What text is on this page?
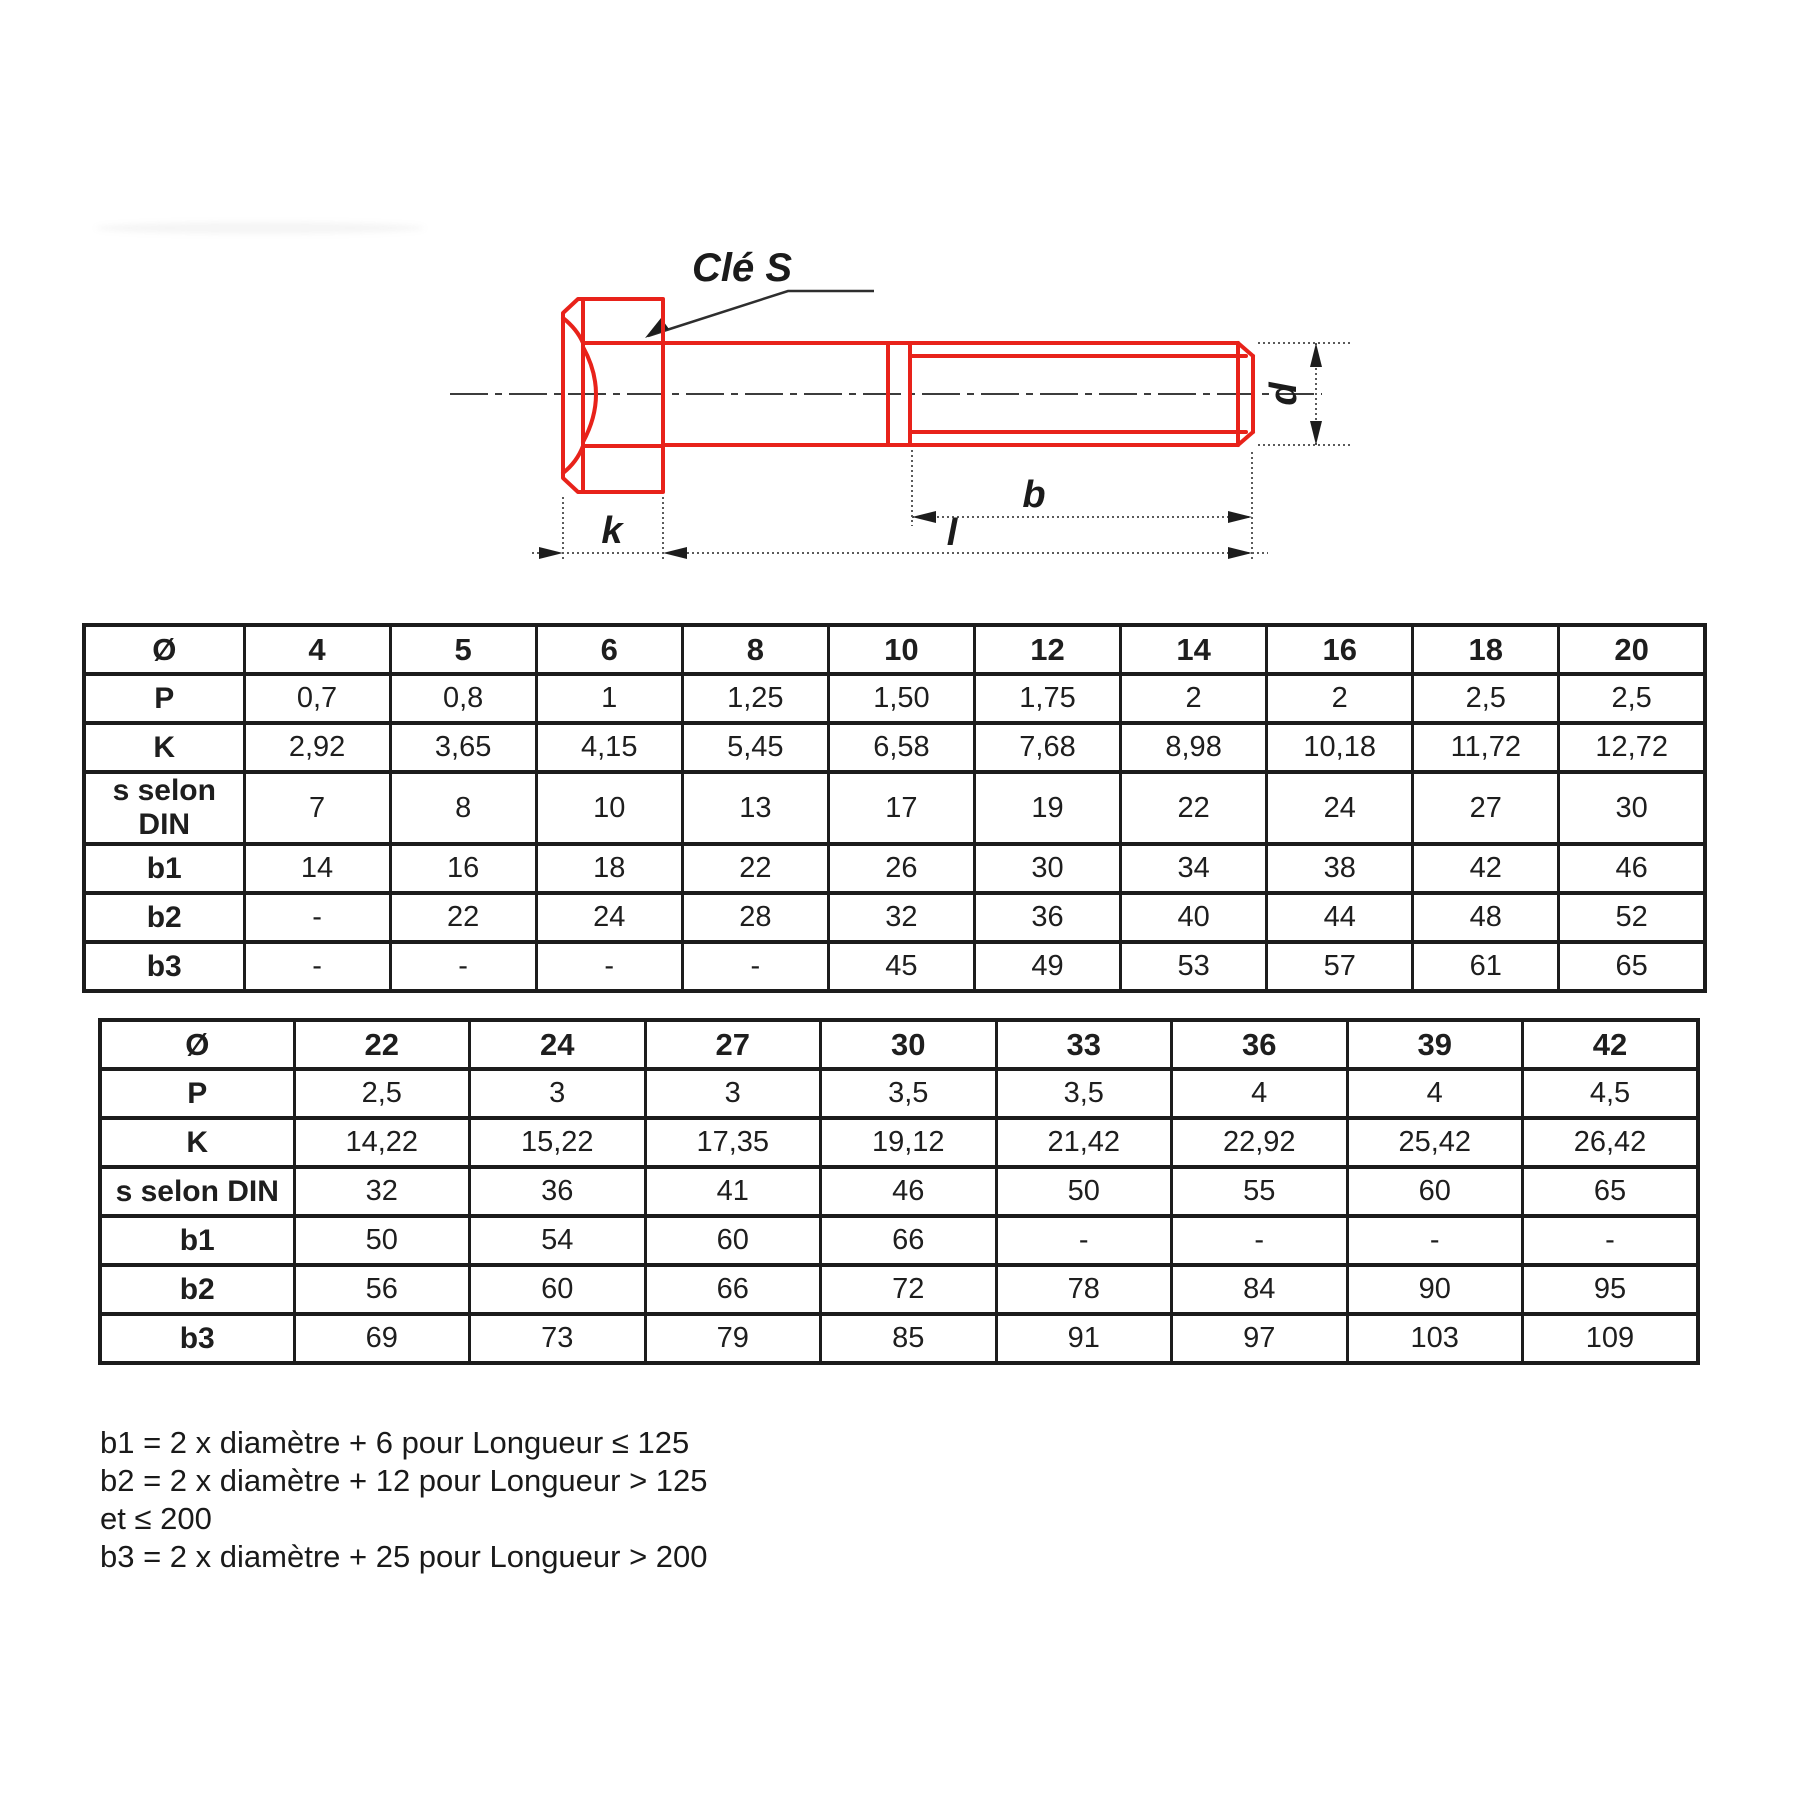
Clé S
k	l
b
d
Ø	4	5	6	8	10	12	14	16	18	20
P	0,7	0,8	1	1,25	1,50	1,75	2	2	2,5	2,5
K	2,92	3,65	4,15	5,45	6,58	7,68	8,98	10,18	11,72	12,72
s selon DIN	7	8	10	13	17	19	22	24	27	30
b1	14	16	18	22	26	30	34	38	42	46
b2	-	22	24	28	32	36	40	44	48	52
b3	-	-	-	-	45	49	53	57	61	65
Ø	22	24	27	30	33	36	39	42
P	2,5	3	3	3,5	3,5	4	4	4,5
K	14,22	15,22	17,35	19,12	21,42	22,92	25,42	26,42
s selon DIN	32	36	41	46	50	55	60	65
b1	50	54	60	66	-	-	-	-
b2	56	60	66	72	78	84	90	95
b3	69	73	79	85	91	97	103	109
b1 = 2 x diamètre + 6 pour Longueur ≤ 125
b2 = 2 x diamètre + 12 pour Longueur > 125
et ≤ 200
b3 = 2 x diamètre + 25 pour Longueur > 200
